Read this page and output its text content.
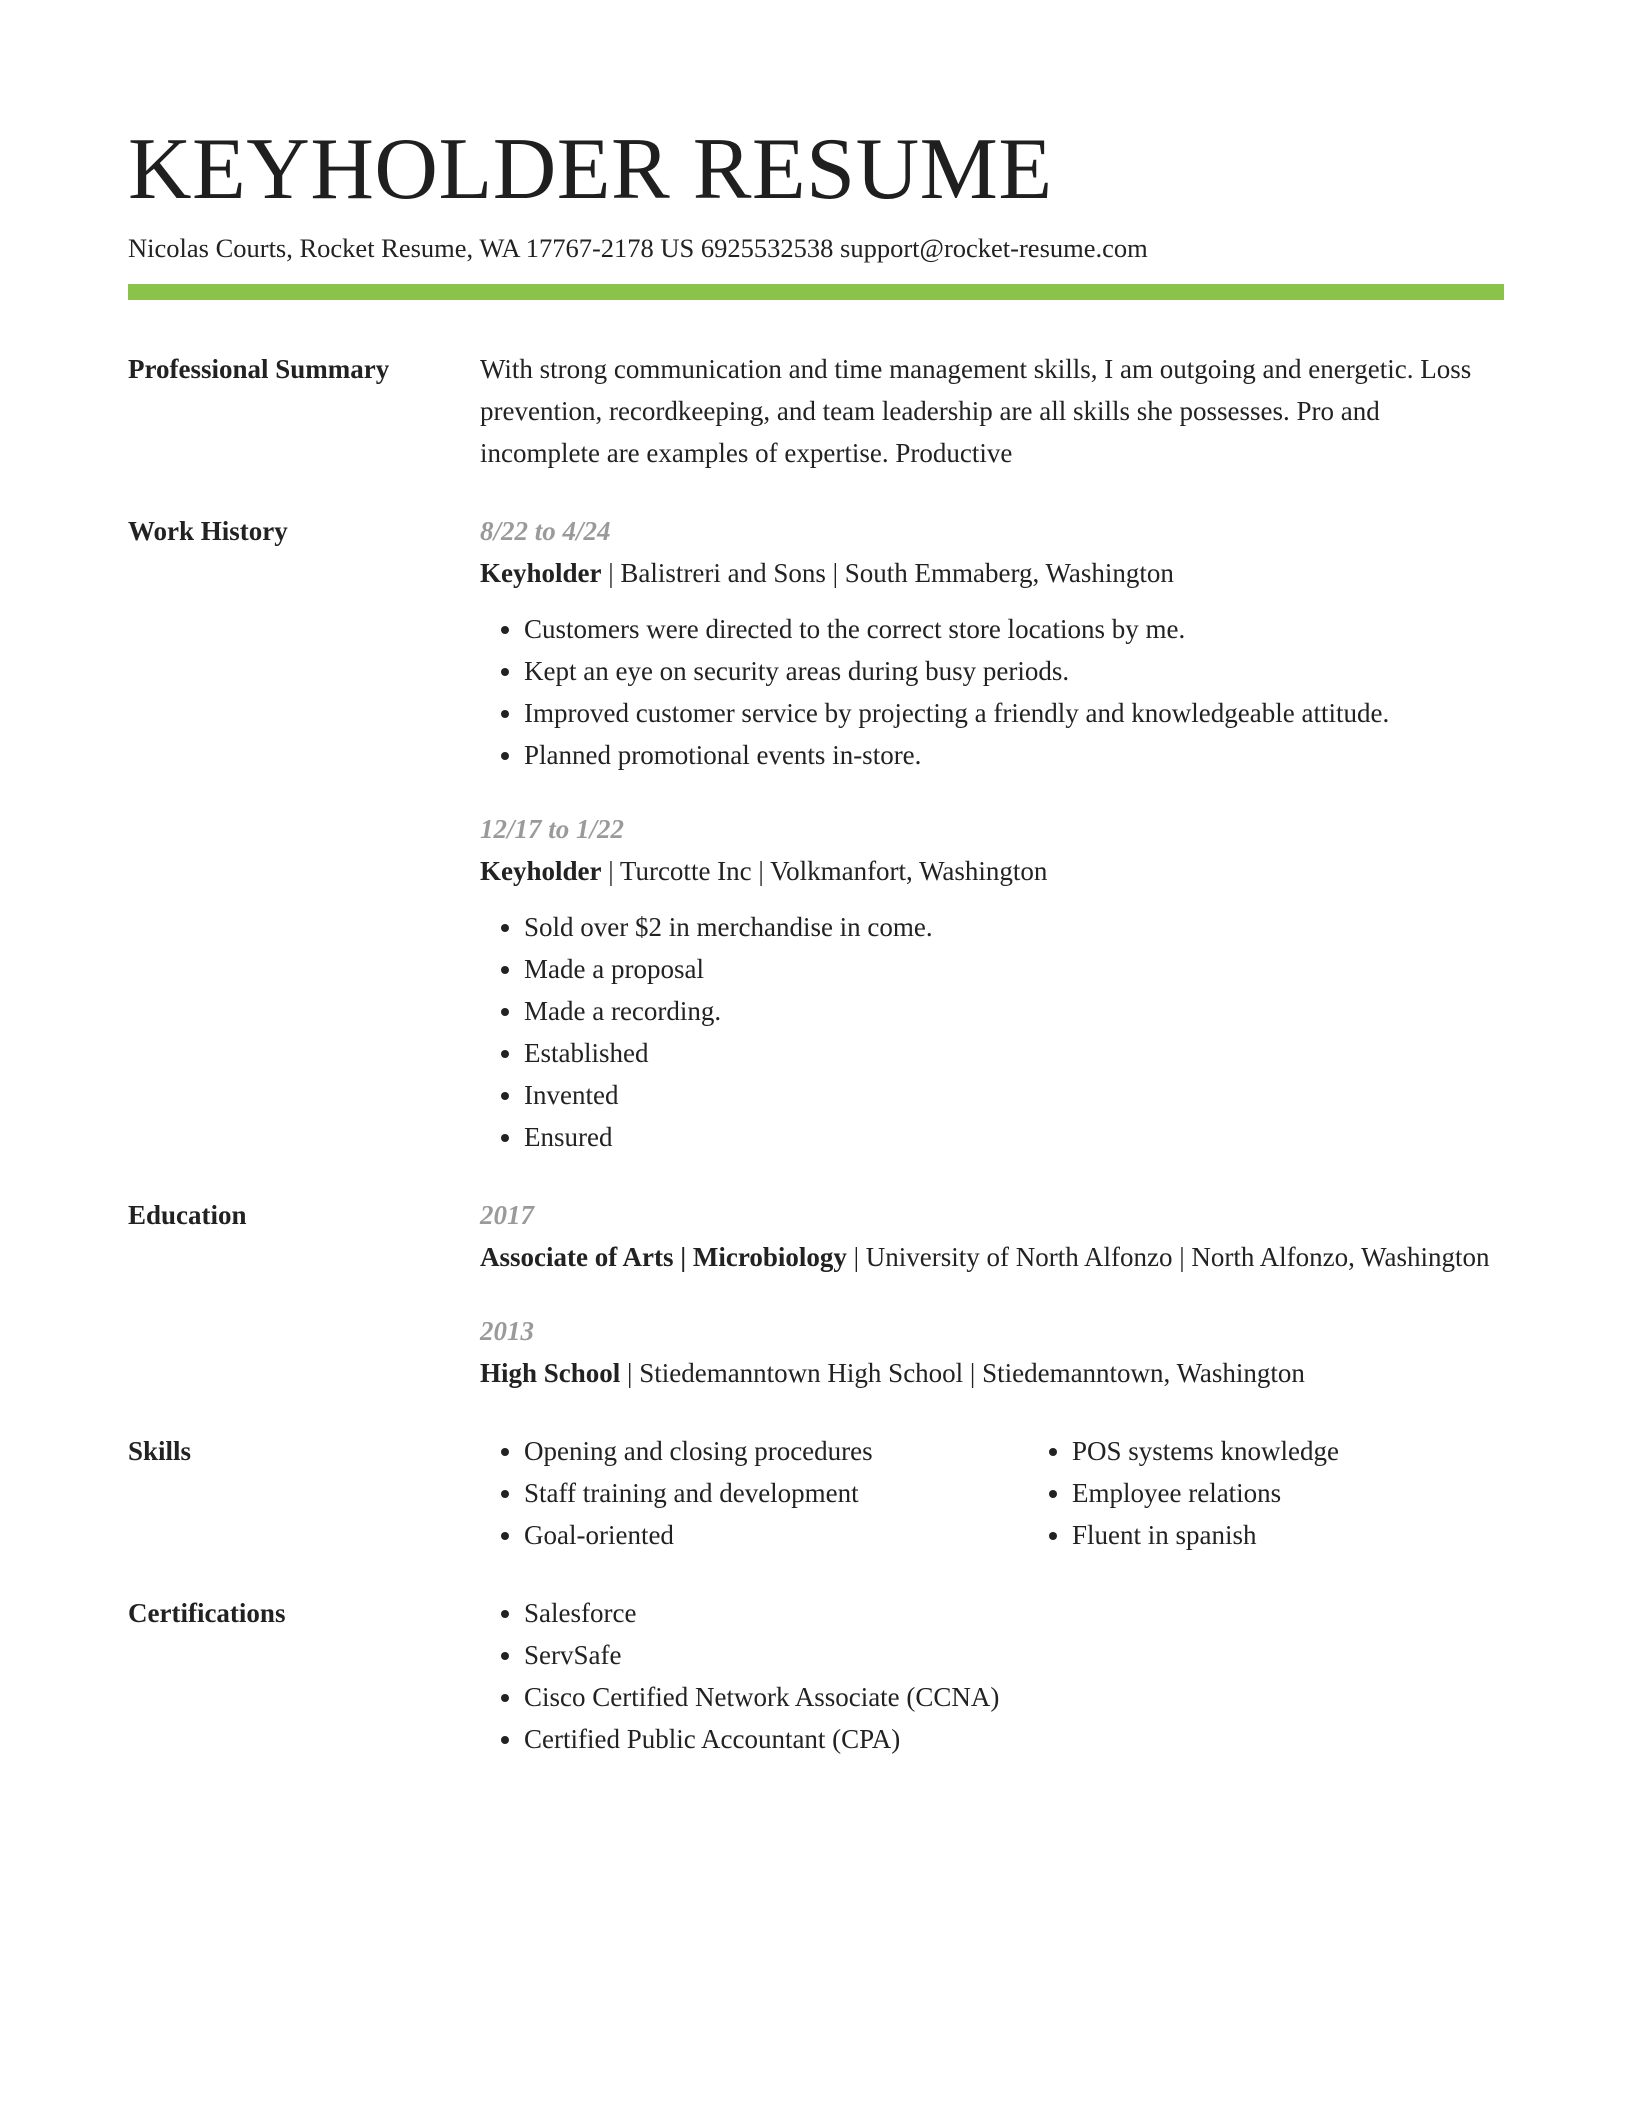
KEYHOLDER RESUME
Nicolas Courts, Rocket Resume, WA 17767-2178 US 6925532538 support@rocket-resume.com
Professional Summary	With strong communication and time management skills, I am outgoing and energetic. Loss prevention, recordkeeping, and team leadership are all skills she possesses. Pro and incomplete are examples of expertise. Productive

Work History	8/22 to 4/24
Keyholder | Balistreri and Sons | South Emmaberg, Washington
• Customers were directed to the correct store locations by me.
• Kept an eye on security areas during busy periods.
• Improved customer service by projecting a friendly and knowledgeable attitude.
• Planned promotional events in-store.
12/17 to 1/22
Keyholder | Turcotte Inc | Volkmanfort, Washington
• Sold over $2 in merchandise in come.
• Made a proposal
• Made a recording.
• Established
• Invented
• Ensured
Education	2017
Associate of Arts | Microbiology | University of North Alfonzo | North Alfonzo, Washington
2013
High School | Stiedemanntown High School | Stiedemanntown, Washington
Skills	• Opening and closing procedures
• Staff training and development
• Goal-oriented
• POS systems knowledge
• Employee relations
• Fluent in spanish
Certifications	• Salesforce
• ServSafe
• Cisco Certified Network Associate (CCNA)
• Certified Public Accountant (CPA)
